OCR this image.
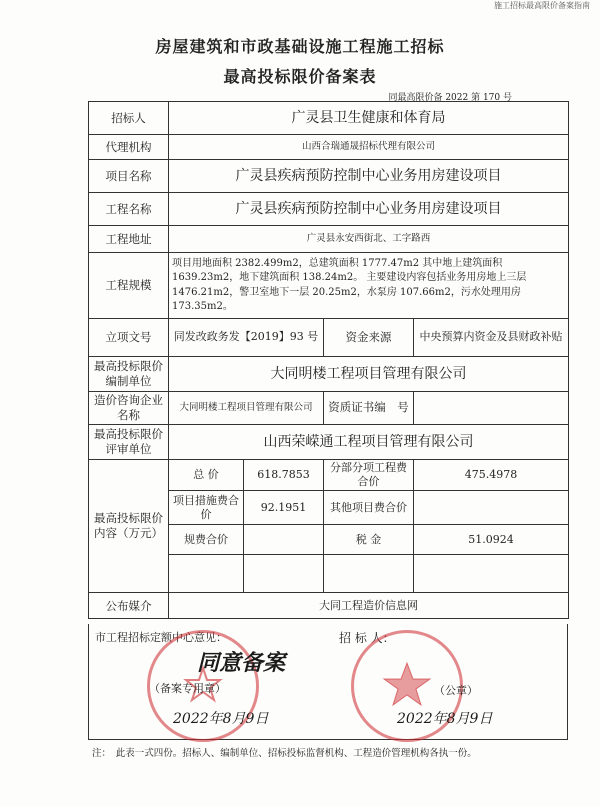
施工招标最高限价备案指南
房屋建筑和市政基础设施工程施工招标
最高投标限价备案表
同最高限价备 2022 第 170 号
招标人	广灵县卫生健康和体育局			
代理机构	山西合瑞通晟招标代理有限公司			
项目名称	广灵县疾病预防控制中心业务用房建设项目			
工程名称	广灵县疾病预防控制中心业务用房建设项目			
工程地址	广灵县永安西街北、工字路西			
工程规模	项目用地面积 2382.499m2，总建筑面积 1777.47m2 其中地上建筑面积 1639.23m2，地下建筑面积 138.24m2。 主要建设内容包括业务用房地上三层 1476.21m2，警卫室地下一层 20.25m2，水泵房 107.66m2，污水处理用房 173.35m2。			
立项文号	同发改政务发【2019】93 号		资金来源	中央预算内资金及县财政补贴
最高投标限价编制单位	大同明楼工程项目管理有限公司			
造价咨询企业名称	大同明楼工程项目管理有限公司		资质证书编　号	
最高投标限价评审单位	山西荣嵘通工程项目管理有限公司			
最高投标限价内容（万元）	总 价	618.7853	分部分项工程费合价	475.4978
	项目措施费合 价	92.1951	其他项目费合价	
	规费合价		税 金	51.0924

公布媒介	大同工程造价信息网			
市工程招标定额中心意见：	招 标 人：
同意备案
（备案专用章）	（公章）
2022年8月9日	2022年8月9日
注：　此表一式四份。招标人、编制单位、招标投标监督机构、工程造价管理机构各执一份。
